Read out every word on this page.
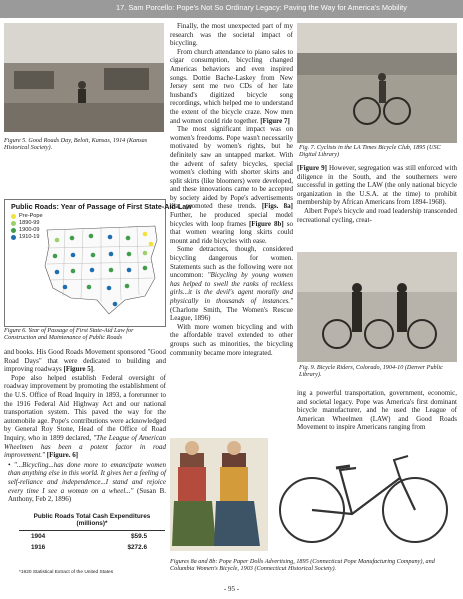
17. Sam Porcello: Pope's Not So Ordinary Legacy: Paving the Way for America's Mobility
Figure 5. Good Roads Day, Beloit, Kansas, 1914 (Kansas Historical Society).
Public Roads: Year of Passage of First State-Aid Law
Pre-Pope
1890-99
1900-09
1910-19
Figure 6. Year of Passage of First State-Aid Law for Construction and Maintenance of Public Roads

and books. His Good Roads Movement sponsored "Good Road Days" that were dedicated to building and improving roadways [Figure 5].

Pope also helped establish Federal oversight of roadway improvement by promoting the establishment of the U.S. Office of Road Inquiry in 1893, a forerunner to the 1916 Federal Aid Highway Act and our national transportation system. This paved the way for the automobile age. Pope's contributions were acknowledged by General Roy Stone, Head of the Office of Road Inquiry, who in 1899 declared, "The League of American Wheelmen has been a potent factor in road improvement." [Figure. 6]

• "...Bicycling...has done more to emancipate women than anything else in this world. It gives her a feeling of self-reliance and independence...I stand and rejoice every time I see a woman on a wheel..." (Susan B. Anthony, Feb 2, 1896)

Public Roads Total Cash Expenditures (millions)*	
1904	$59.5
1916	$272.6
*1920 Statistical Extract of the United States

Finally, the most unexpected part of my research was the societal impact of bicycling.

From church attendance to piano sales to cigar consumption, bicycling changed Americas behaviors and even inspired songs. Dottie Bache-Laskey from New Jersey sent me two CDs of her late husband's digitized bicycle song recordings, which helped me to understand the extent of the bicycle craze. Now men and women could ride together. [Figure 7]

The most significant impact was on women's freedoms. Pope wasn't necessarily motivated by women's rights, but he definitely saw an untapped market. With the advent of safety bicycles, special women's clothing with shorter skirts and split skirts (like bloomers) were developed, and these innovations came to be accepted by society aided by Pope's advertisements that promoted these trends. [Figs. 8a] Further, he produced special model bicycles with loop frames [Figure 8b] so that women wearing long skirts could mount and ride bicycles with ease.

Some detractors, though, considered bicycling dangerous for women. Statements such as the following were not uncommon: "Bicycling by young women has helped to swell the ranks of reckless girls...it is the devil's agent morally and physically in thousands of instances." (Charlotte Smith, The Women's Rescue League, 1896)

With more women bicycling and with the affordable travel extended to other groups such as minorities, the bicycling community became more integrated.

Fig. 7. Cyclists in the LA Times Bicycle Club, 1895 (USC Digital Library)

[Figure 9] However, segregation was still enforced with diligence in the South, and the southerners were successful in getting the LAW (the only national bicycle organization in the U.S.A. at the time) to prohibit membership by African Americans from 1894-1968).

Albert Pope's bicycle and road leadership transcended recreational cycling, creat-

Fig. 9. Bicycle Riders, Colorado, 1904-10 (Denver Public Library).

ing a powerful transportation, government, economic, and societal legacy. Pope was America's first dominant bicycle manufacturer, and he used the League of American Wheelmen (LAW) and Good Roads Movement to inspire Americans ranging from

Figures 8a and 8b: Pope Paper Dolls Advertising, 1895 (Connecticut Pope Manufacturing Company), and Columbia Women's Bicycle, 1903 (Connecticut Historical Society).
- 95 -
